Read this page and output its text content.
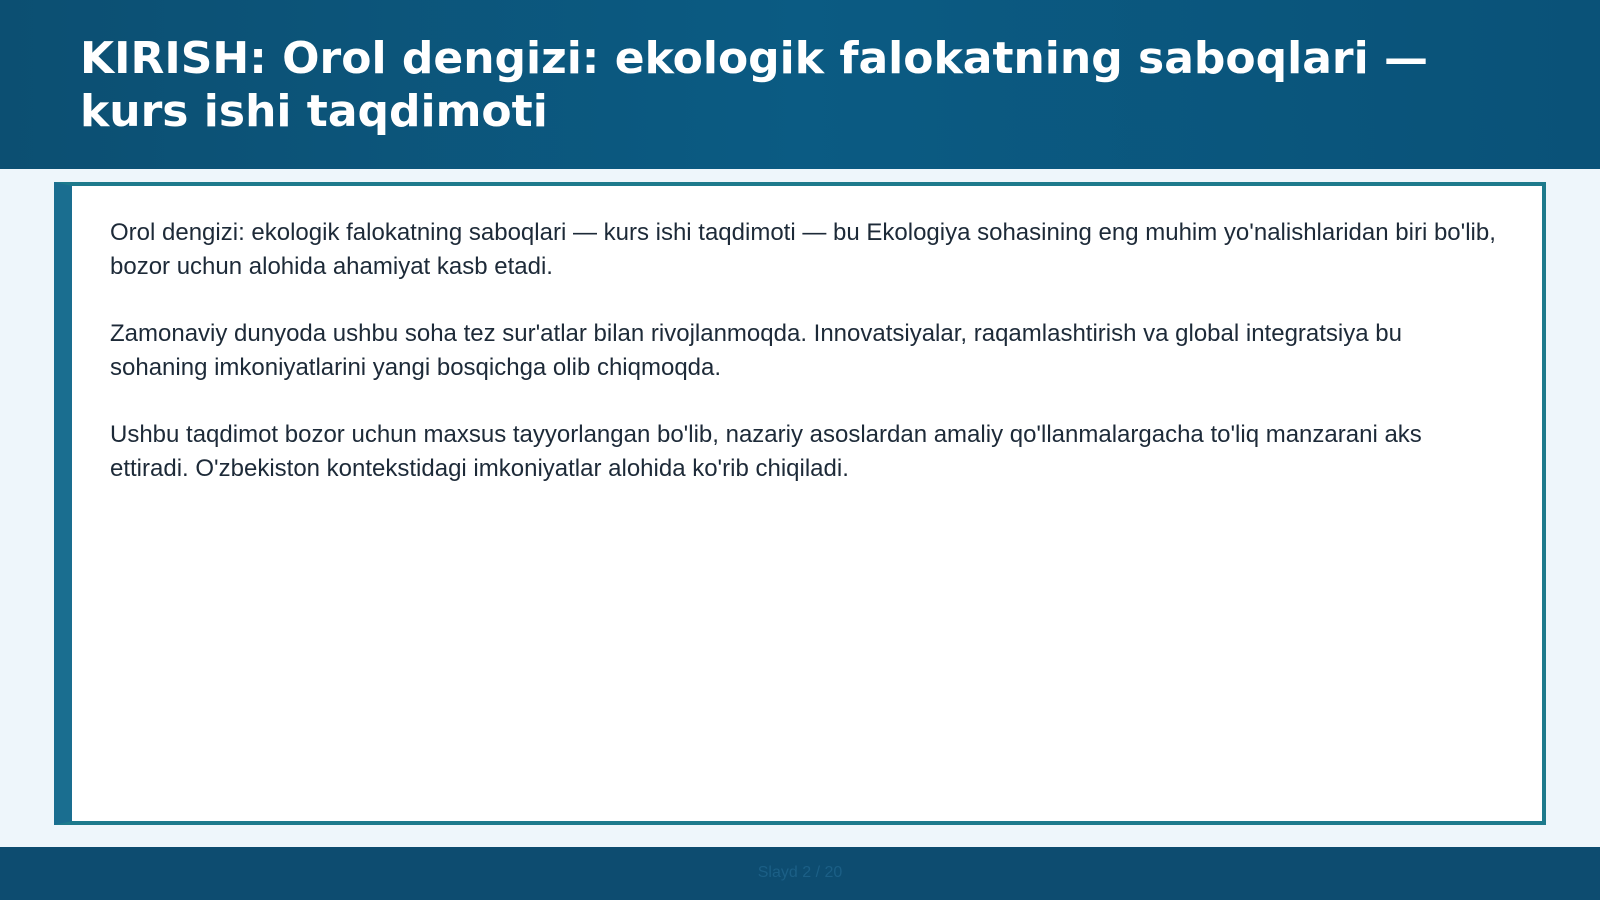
KIRISH: Orol dengizi: ekologik falokatning saboqlari — kurs ishi taqdimoti

Orol dengizi: ekologik falokatning saboqlari — kurs ishi taqdimoti — bu Ekologiya sohasining eng muhim yo'nalishlaridan biri bo'lib, bozor uchun alohida ahamiyat kasb etadi.

Zamonaviy dunyoda ushbu soha tez sur'atlar bilan rivojlanmoqda. Innovatsiyalar, raqamlashtirish va global integratsiya bu sohaning imkoniyatlarini yangi bosqichga olib chiqmoqda.

Ushbu taqdimot bozor uchun maxsus tayyorlangan bo'lib, nazariy asoslardan amaliy qo'llanmalargacha to'liq manzarani aks ettiradi. O'zbekiston kontekstidagi imkoniyatlar alohida ko'rib chiqiladi.

Slayd 2 / 20
